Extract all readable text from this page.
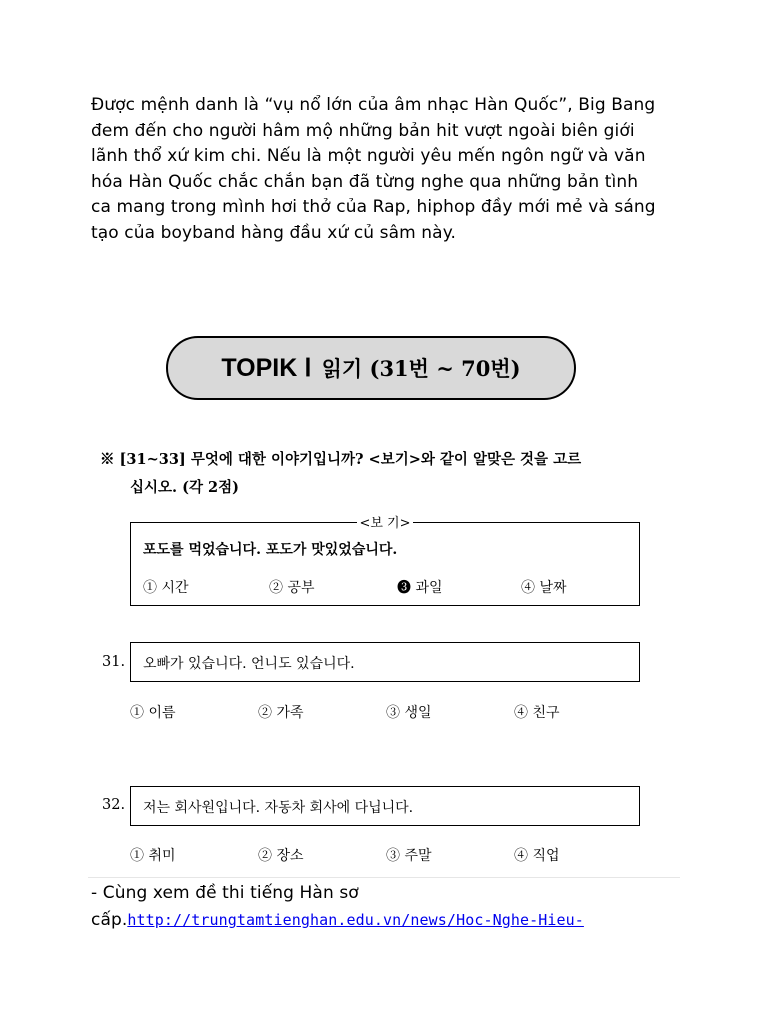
Được mệnh danh là “vụ nổ lớn của âm nhạc Hàn Quốc”, Big Bang

đem đến cho người hâm mộ những bản hit vượt ngoài biên giới

lãnh thổ xứ kim chi. Nếu là một người yêu mến ngôn ngữ và văn

hóa Hàn Quốc chắc chắn bạn đã từng nghe qua những bản tình

ca mang trong mình hơi thở của Rap, hiphop đầy mới mẻ và sáng

tạo của boyband hàng đầu xứ củ sâm này.

TOPIK Ⅰ 읽기 (31번 ~ 70번)
※ [31~33] 무엇에 대한 이야기입니까? <보기>와 같이 알맞은 것을 고르
십시오. (각 2점)
<보 기>
포도를 먹었습니다. 포도가 맛있었습니다.
① 시간	② 공부	❸ 과일	④ 날짜
31. 오빠가 있습니다. 언니도 있습니다.
① 이름	② 가족	③ 생일	④ 친구
32. 저는 회사원입니다. 자동차 회사에 다닙니다.
① 취미	② 장소	③ 주말	④ 직업

- Cùng xem đề thi tiếng Hàn sơ

cấp.http://trungtamtienghan.edu.vn/news/Hoc-Nghe-Hieu-
